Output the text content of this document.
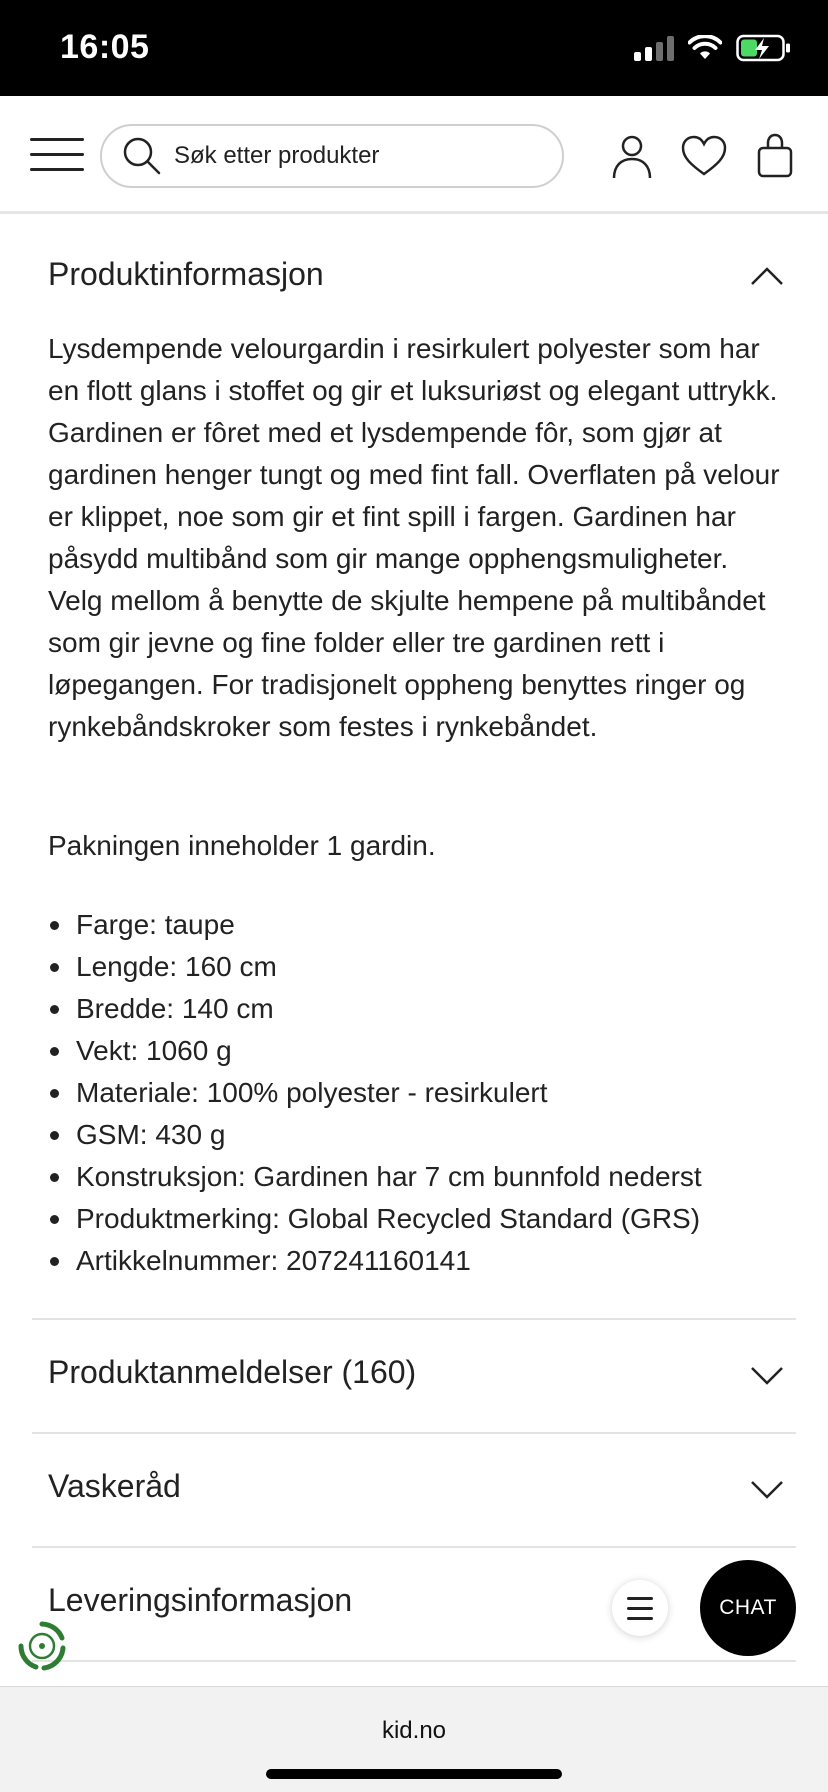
16:05
Søk etter produkter
Produktinformasjon

Lysdempende velourgardin i resirkulert polyester som har en flott glans i stoffet og gir et luksuriøst og elegant uttrykk. Gardinen er fôret med et lysdempende fôr, som gjør at gardinen henger tungt og med fint fall. Overflaten på velour er klippet, noe som gir et fint spill i fargen. Gardinen har påsydd multibånd som gir mange opphengsmuligheter. Velg mellom å benytte de skjulte hempene på multibåndet som gir jevne og fine folder eller tre gardinen rett i løpegangen. For tradisjonelt oppheng benyttes ringer og rynkebåndskroker som festes i rynkebåndet.

Pakningen inneholder 1 gardin.

Farge: taupe
Lengde: 160 cm
Bredde: 140 cm
Vekt: 1060 g
Materiale: 100% polyester - resirkulert
GSM: 430 g
Konstruksjon: Gardinen har 7 cm bunnfold nederst
Produktmerking: Global Recycled Standard (GRS)
Artikkelnummer: 207241160141
Produktanmeldelser (160)
Vaskeråd
Leveringsinformasjon	CHAT
kid.no
